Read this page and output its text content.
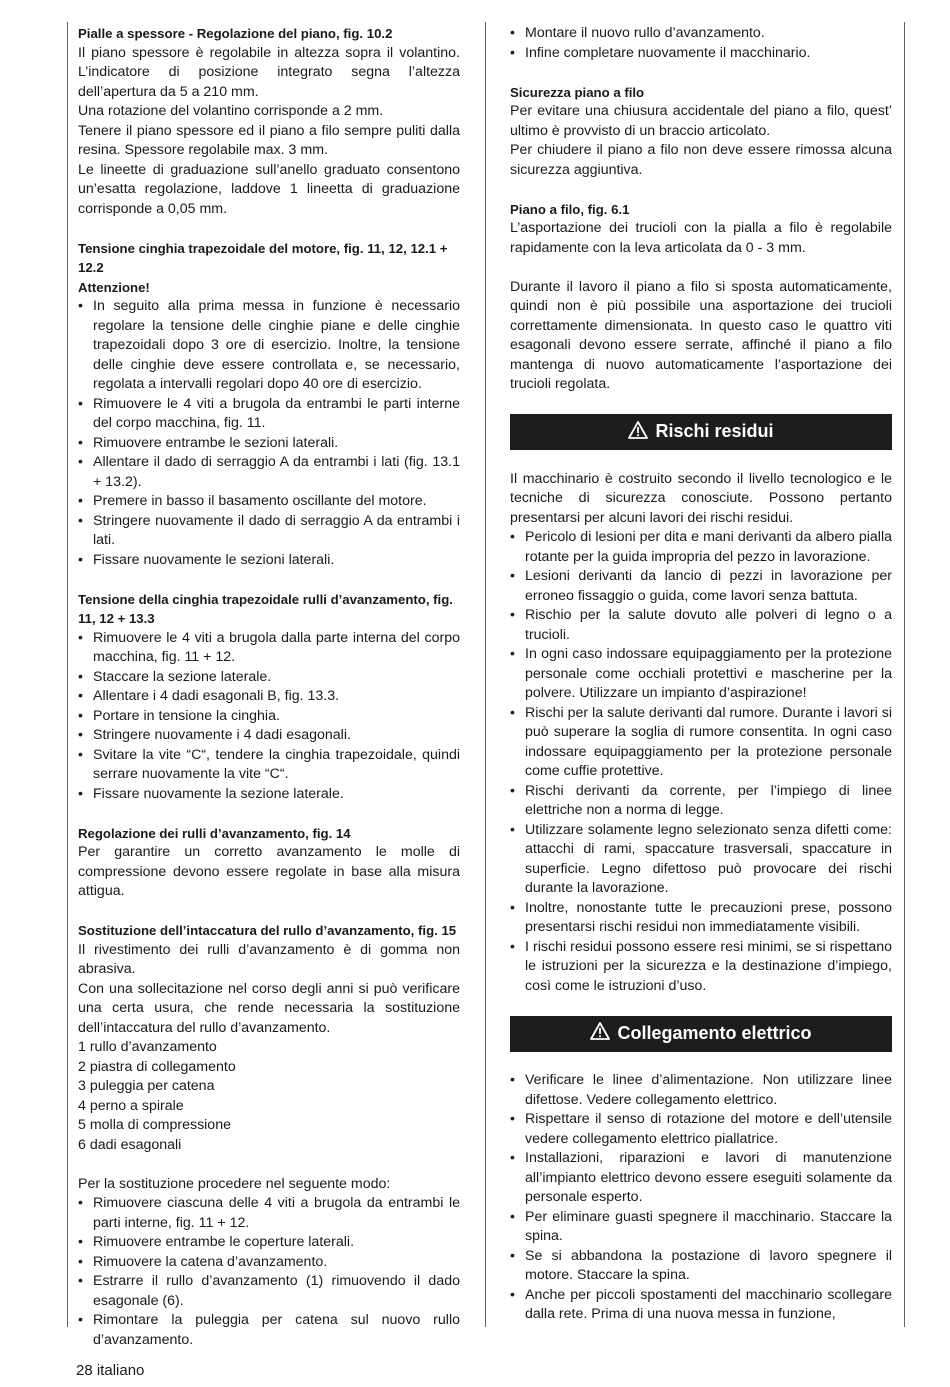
Pialle a spessore - Regolazione del piano, fig. 10.2

Il piano spessore è regolabile in altezza sopra il volantino. L’indicatore di posizione integrato segna l’altezza dell’apertura da 5 a 210 mm.

Una rotazione del volantino corrisponde a 2 mm.

Tenere il piano spessore ed il piano a filo sempre puliti dalla resina. Spessore regolabile max. 3 mm.

Le lineette di graduazione sull’anello graduato consentono un’esatta regolazione, laddove 1 lineetta di graduazione corrisponde a 0,05 mm.

Tensione cinghia trapezoidale del motore, fig. 11, 12, 12.1 + 12.2
Attenzione!
• In seguito alla prima messa in funzione è necessario regolare la tensione delle cinghie piane e delle cinghie trapezoidali dopo 3 ore di esercizio. Inoltre, la tensione delle cinghie deve essere controllata e, se necessario, regolata a intervalli regolari dopo 40 ore di esercizio.
• Rimuovere le 4 viti a brugola da entrambi le parti interne del corpo macchina, fig. 11.
• Rimuovere entrambe le sezioni laterali.
• Allentare il dado di serraggio A da entrambi i lati (fig. 13.1 + 13.2).
• Premere in basso il basamento oscillante del motore.
• Stringere nuovamente il dado di serraggio A da entrambi i lati.
• Fissare nuovamente le sezioni laterali.
Tensione della cinghia trapezoidale rulli d’avanzamento, fig. 11, 12 + 13.3
• Rimuovere le 4 viti a brugola dalla parte interna del corpo macchina, fig. 11 + 12.
• Staccare la sezione laterale.
• Allentare i 4 dadi esagonali B, fig. 13.3.
• Portare in tensione la cinghia.
• Stringere nuovamente i 4 dadi esagonali.
• Svitare la vite “C“, tendere la cinghia trapezoidale, quindi serrare nuovamente la vite “C“.
• Fissare nuovamente la sezione laterale.
Regolazione dei rulli d’avanzamento, fig. 14

Per garantire un corretto avanzamento le molle di compressione devono essere regolate in base alla misura attigua.

Sostituzione dell’intaccatura del rullo d’avanzamento, fig. 15

Il rivestimento dei rulli d’avanzamento è di gomma non abrasiva.

Con una sollecitazione nel corso degli anni si può verificare una certa usura, che rende necessaria la sostituzione dell’intaccatura del rullo d’avanzamento.

1 rullo d’avanzamento

2 piastra di collegamento

3 puleggia per catena

4 perno a spirale

5 molla di compressione

6 dadi esagonali

Per la sostituzione procedere nel seguente modo:

• Rimuovere ciascuna delle 4 viti a brugola da entrambi le parti interne, fig. 11 + 12.
• Rimuovere entrambe le coperture laterali.
• Rimuovere la catena d’avanzamento.
• Estrarre il rullo d’avanzamento (1) rimuovendo il dado esagonale (6).
• Rimontare la puleggia per catena sul nuovo rullo d’avanzamento.
• Montare il nuovo rullo d’avanzamento.
• Infine completare nuovamente il macchinario.
Sicurezza piano a filo

Per evitare una chiusura accidentale del piano a filo, quest’ ultimo è provvisto di un braccio articolato.

Per chiudere il piano a filo non deve essere rimossa alcuna sicurezza aggiuntiva.

Piano a filo, fig. 6.1

L’asportazione dei trucioli con la pialla a filo è regolabile rapidamente con la leva articolata da 0 - 3 mm.

Durante il lavoro il piano a filo si sposta automaticamente, quindi non è più possibile una asportazione dei trucioli correttamente dimensionata. In questo caso le quattro viti esagonali devono essere serrate, affinché il piano a filo mantenga di nuovo automaticamente l’asportazione dei trucioli regolata.

Rischi residui

Il macchinario è costruito secondo il livello tecnologico e le tecniche di sicurezza conosciute. Possono pertanto presentarsi per alcuni lavori dei rischi residui.

• Pericolo di lesioni per dita e mani derivanti da albero pialla rotante per la guida impropria del pezzo in lavorazione.
• Lesioni derivanti da lancio di pezzi in lavorazione per erroneo fissaggio o guida, come lavori senza battuta.
• Rischio per la salute dovuto alle polveri di legno o a trucioli.
• In ogni caso indossare equipaggiamento per la protezione personale come occhiali protettivi e mascherine per la polvere. Utilizzare un impianto d’aspirazione!
• Rischi per la salute derivanti dal rumore. Durante i lavori si può superare la soglia di rumore consentita. In ogni caso indossare equipaggiamento per la protezione personale come cuffie protettive.
• Rischi derivanti da corrente, per l’impiego di linee elettriche non a norma di legge.
• Utilizzare solamente legno selezionato senza difetti come: attacchi di rami, spaccature trasversali, spaccature in superficie. Legno difettoso può provocare dei rischi durante la lavorazione.
• Inoltre, nonostante tutte le precauzioni prese, possono presentarsi rischi residui non immediatamente visibili.
• I rischi residui possono essere resi minimi, se si rispettano le istruzioni per la sicurezza e la destinazione d’impiego, così come le istruzioni d’uso.
Collegamento elettrico
• Verificare le linee d’alimentazione. Non utilizzare linee difettose. Vedere collegamento elettrico.
• Rispettare il senso di rotazione del motore e dell’utensile vedere collegamento elettrico piallatrice.
• Installazioni, riparazioni e lavori di manutenzione all’impianto elettrico devono essere eseguiti solamente da personale esperto.
• Per eliminare guasti spegnere il macchinario. Staccare la spina.
• Se si abbandona la postazione di lavoro spegnere il motore. Staccare la spina.
• Anche per piccoli spostamenti del macchinario scollegare dalla rete. Prima di una nuova messa in funzione,
28 italiano
